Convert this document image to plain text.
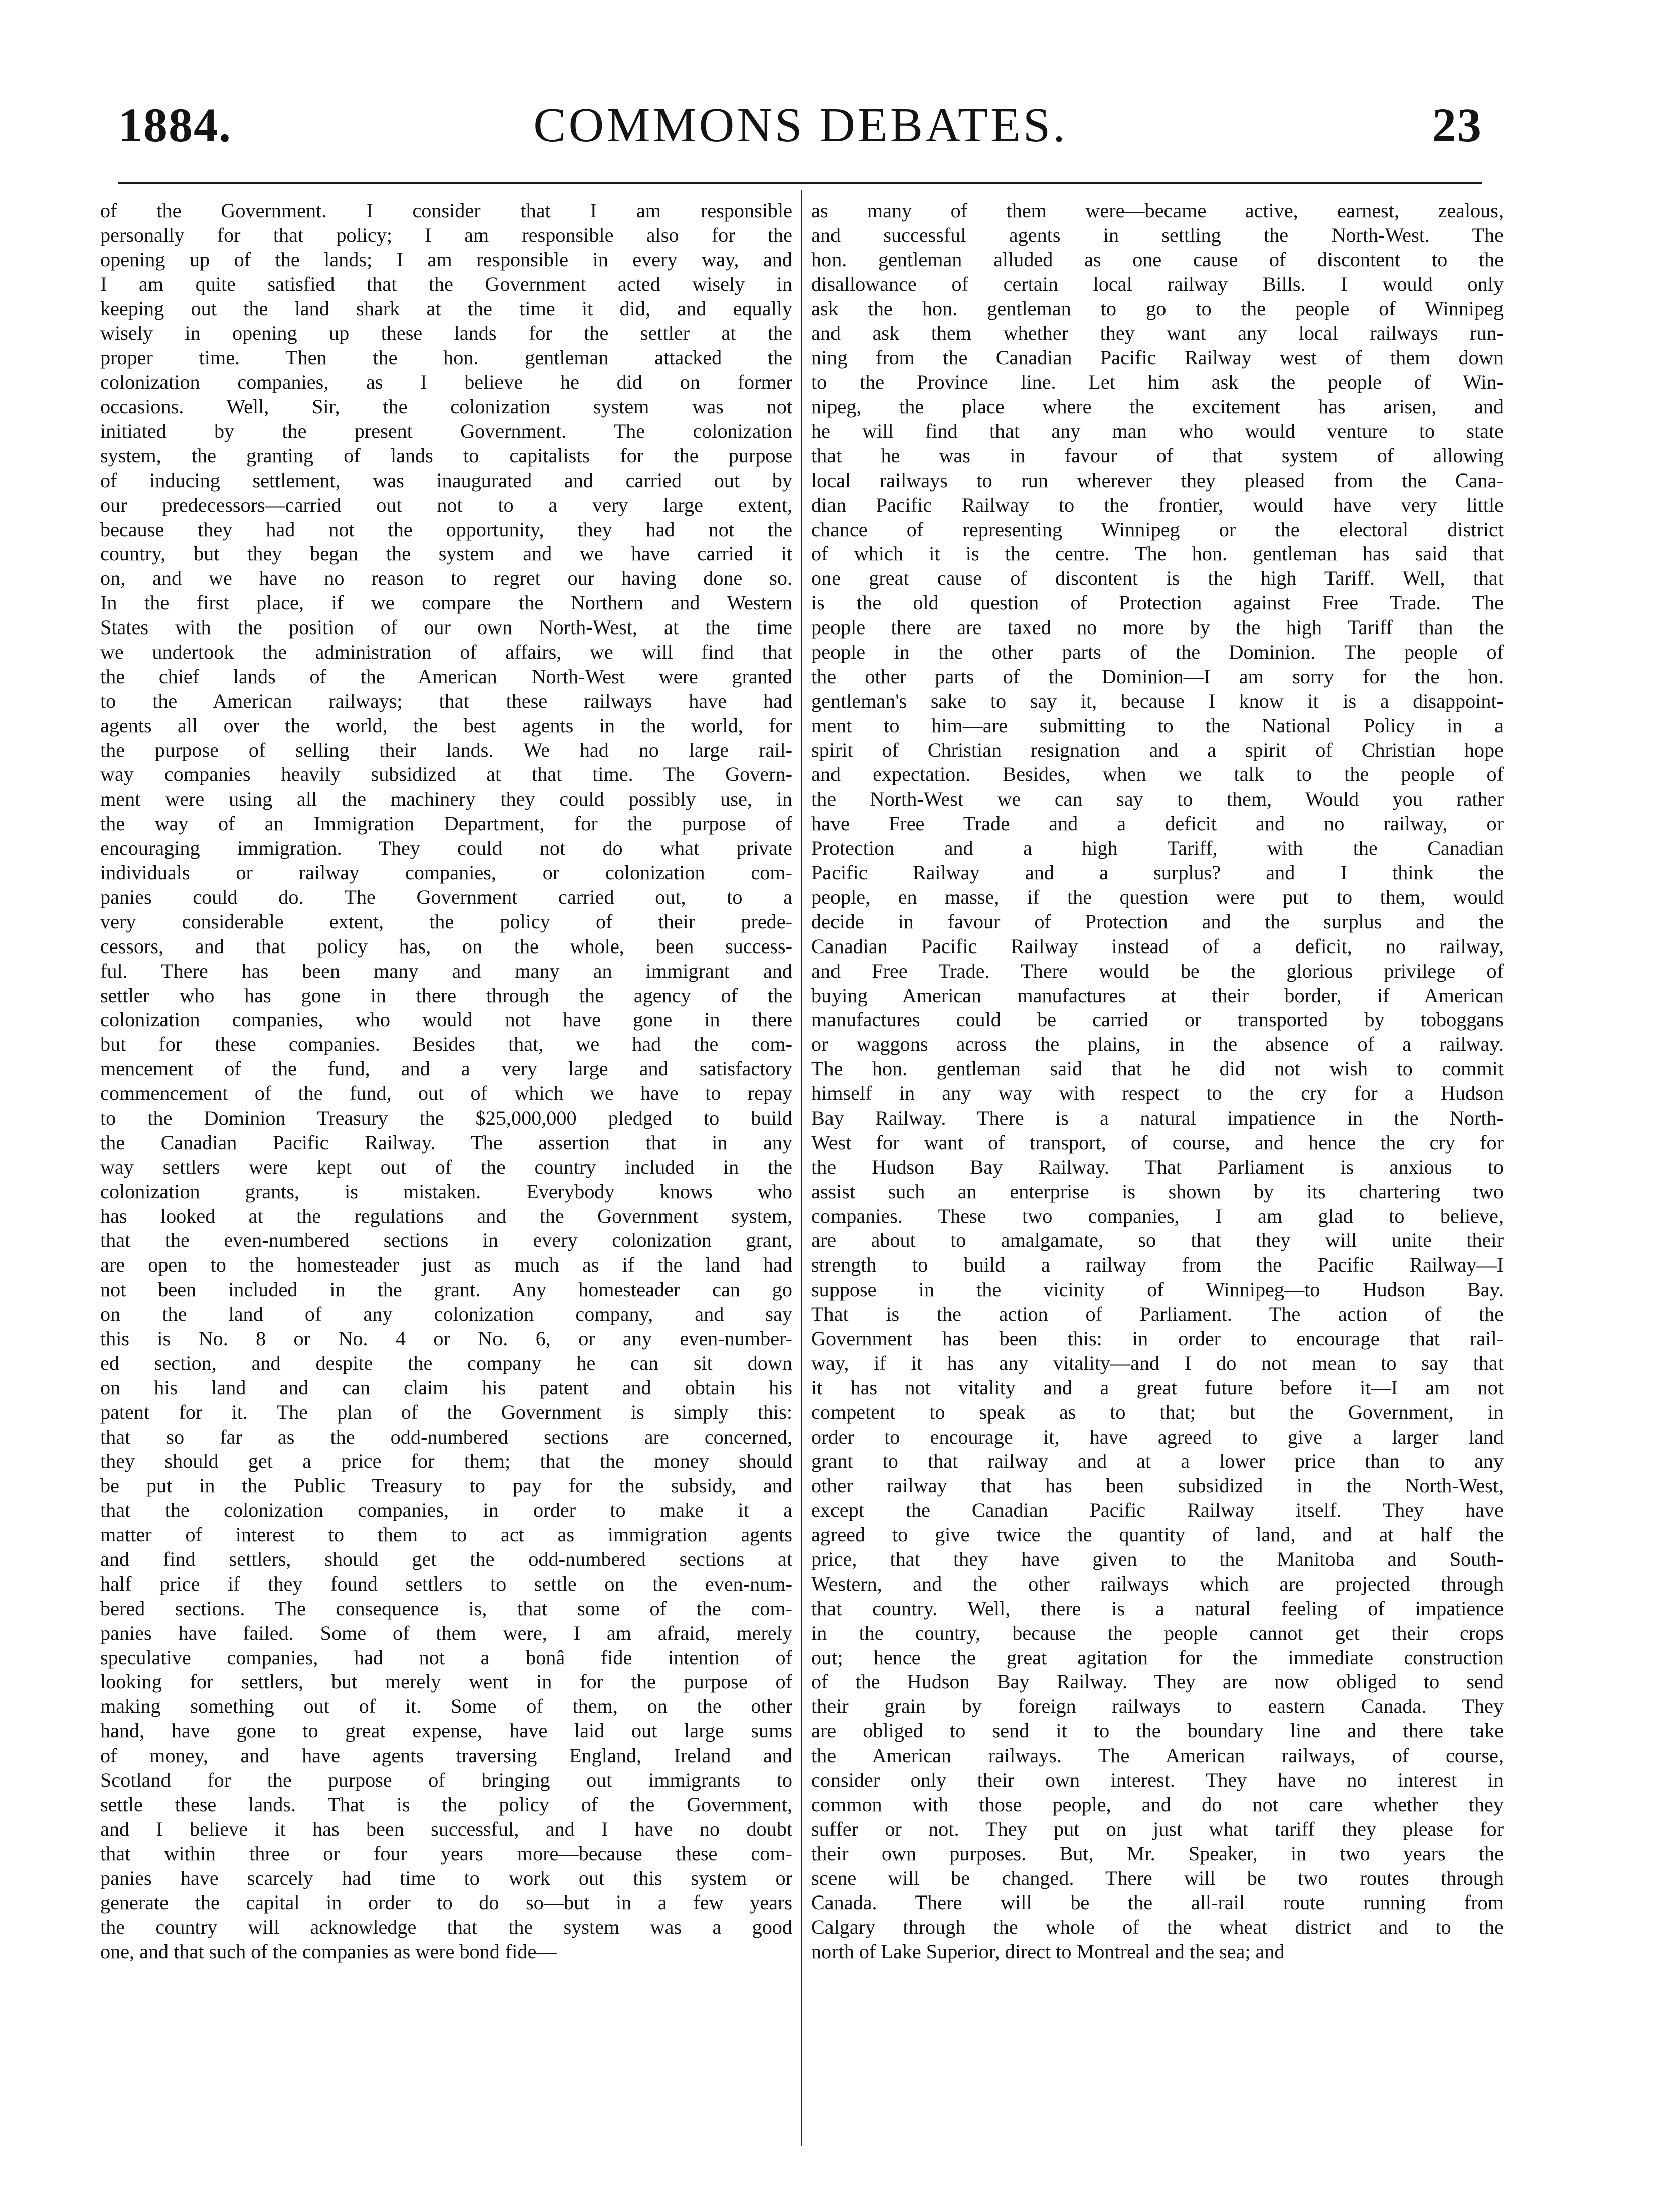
COMMONS DEBATES.
1884.	23
of the Government. I consider that I am responsible
personally for that policy; I am responsible also for the
opening up of the lands; I am responsible in every way, and
I am quite satisfied that the Government acted wisely in
keeping out the land shark at the time it did, and equally
wisely in opening up these lands for the settler at the
proper time. Then the hon. gentleman attacked the
colonization companies, as I believe he did on former
occasions. Well, Sir, the colonization system was not
initiated by the present Government. The colonization
system, the granting of lands to capitalists for the purpose
of inducing settlement, was inaugurated and carried out by
our predecessors—carried out not to a very large extent,
because they had not the opportunity, they had not the
country, but they began the system and we have carried it
on, and we have no reason to regret our having done so.
In the first place, if we compare the Northern and Western
States with the position of our own North-West, at the time
we undertook the administration of affairs, we will find that
the chief lands of the American North-West were granted
to the American railways; that these railways have had
agents all over the world, the best agents in the world, for
the purpose of selling their lands. We had no large rail-
way companies heavily subsidized at that time. The Govern-
ment were using all the machinery they could possibly use, in
the way of an Immigration Department, for the purpose of
encouraging immigration. They could not do what private
individuals or railway companies, or colonization com-
panies could do. The Government carried out, to a
very considerable extent, the policy of their prede-
cessors, and that policy has, on the whole, been success-
ful. There has been many and many an immigrant and
settler who has gone in there through the agency of the
colonization companies, who would not have gone in there
but for these companies. Besides that, we had the com-
mencement of the fund, and a very large and satisfactory
commencement of the fund, out of which we have to repay
to the Dominion Treasury the $25,000,000 pledged to build
the Canadian Pacific Railway. The assertion that in any
way settlers were kept out of the country included in the
colonization grants, is mistaken. Everybody knows who
has looked at the regulations and the Government system,
that the even-numbered sections in every colonization grant,
are open to the homesteader just as much as if the land had
not been included in the grant. Any homesteader can go
on the land of any colonization company, and say
this is No. 8 or No. 4 or No. 6, or any even-number-
ed section, and despite the company he can sit down
on his land and can claim his patent and obtain his
patent for it. The plan of the Government is simply this:
that so far as the odd-numbered sections are concerned,
they should get a price for them; that the money should
be put in the Public Treasury to pay for the subsidy, and
that the colonization companies, in order to make it a
matter of interest to them to act as immigration agents
and find settlers, should get the odd-numbered sections at
half price if they found settlers to settle on the even-num-
bered sections. The consequence is, that some of the com-
panies have failed. Some of them were, I am afraid, merely
speculative companies, had not a bonâ fide intention of
looking for settlers, but merely went in for the purpose of
making something out of it. Some of them, on the other
hand, have gone to great expense, have laid out large sums
of money, and have agents traversing England, Ireland and
Scotland for the purpose of bringing out immigrants to
settle these lands. That is the policy of the Government,
and I believe it has been successful, and I have no doubt
that within three or four years more—because these com-
panies have scarcely had time to work out this system or
generate the capital in order to do so—but in a few years
the country will acknowledge that the system was a good
one, and that such of the companies as were bond fide—
as many of them were—became active, earnest, zealous,
and successful agents in settling the North-West. The
hon. gentleman alluded as one cause of discontent to the
disallowance of certain local railway Bills. I would only
ask the hon. gentleman to go to the people of Winnipeg
and ask them whether they want any local railways run-
ning from the Canadian Pacific Railway west of them down
to the Province line. Let him ask the people of Win-
nipeg, the place where the excitement has arisen, and
he will find that any man who would venture to state
that he was in favour of that system of allowing
local railways to run wherever they pleased from the Cana-
dian Pacific Railway to the frontier, would have very little
chance of representing Winnipeg or the electoral district
of which it is the centre. The hon. gentleman has said that
one great cause of discontent is the high Tariff. Well, that
is the old question of Protection against Free Trade. The
people there are taxed no more by the high Tariff than the
people in the other parts of the Dominion. The people of
the other parts of the Dominion—I am sorry for the hon.
gentleman's sake to say it, because I know it is a disappoint-
ment to him—are submitting to the National Policy in a
spirit of Christian resignation and a spirit of Christian hope
and expectation. Besides, when we talk to the people of
the North-West we can say to them, Would you rather
have Free Trade and a deficit and no railway, or
Protection and a high Tariff, with the Canadian
Pacific Railway and a surplus? and I think the
people, en masse, if the question were put to them, would
decide in favour of Protection and the surplus and the
Canadian Pacific Railway instead of a deficit, no railway,
and Free Trade. There would be the glorious privilege of
buying American manufactures at their border, if American
manufactures could be carried or transported by toboggans
or waggons across the plains, in the absence of a railway.
The hon. gentleman said that he did not wish to commit
himself in any way with respect to the cry for a Hudson
Bay Railway. There is a natural impatience in the North-
West for want of transport, of course, and hence the cry for
the Hudson Bay Railway. That Parliament is anxious to
assist such an enterprise is shown by its chartering two
companies. These two companies, I am glad to believe,
are about to amalgamate, so that they will unite their
strength to build a railway from the Pacific Railway—I
suppose in the vicinity of Winnipeg—to Hudson Bay.
That is the action of Parliament. The action of the
Government has been this: in order to encourage that rail-
way, if it has any vitality—and I do not mean to say that
it has not vitality and a great future before it—I am not
competent to speak as to that; but the Government, in
order to encourage it, have agreed to give a larger land
grant to that railway and at a lower price than to any
other railway that has been subsidized in the North-West,
except the Canadian Pacific Railway itself. They have
agreed to give twice the quantity of land, and at half the
price, that they have given to the Manitoba and South-
Western, and the other railways which are projected through
that country. Well, there is a natural feeling of impatience
in the country, because the people cannot get their crops
out; hence the great agitation for the immediate construction
of the Hudson Bay Railway. They are now obliged to send
their grain by foreign railways to eastern Canada. They
are obliged to send it to the boundary line and there take
the American railways. The American railways, of course,
consider only their own interest. They have no interest in
common with those people, and do not care whether they
suffer or not. They put on just what tariff they please for
their own purposes. But, Mr. Speaker, in two years the
scene will be changed. There will be two routes through
Canada. There will be the all-rail route running from
Calgary through the whole of the wheat district and to the
north of Lake Superior, direct to Montreal and the sea; and
